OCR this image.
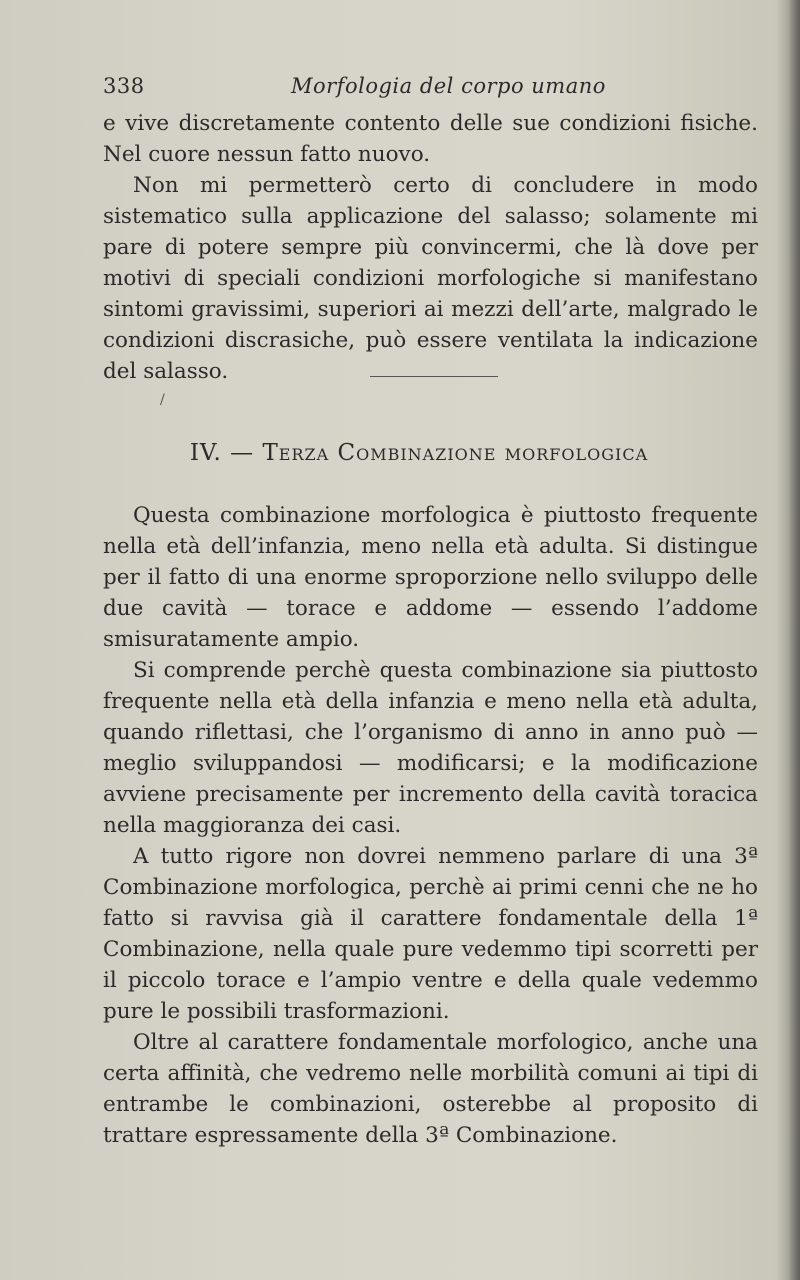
338	Morfologia del corpo umano

e vive discretamente contento delle sue condizioni fisiche. Nel cuore nessun fatto nuovo.

Non mi permetterò certo di concludere in modo sistematico sulla applicazione del salasso; solamente mi pare di potere sempre più convincermi, che là dove per motivi di speciali condizioni morfologiche si manifestano sintomi gravissimi, superiori ai mezzi dell’arte, malgrado le condizioni discrasiche, può essere ventilata la indicazione del salasso.

/
IV. — Terza Combinazione morfologica

Questa combinazione morfologica è piuttosto frequente nella età dell’infanzia, meno nella età adulta. Si distingue per il fatto di una enorme sproporzione nello sviluppo delle due cavità — torace e addome — essendo l’addome smisuratamente ampio.

Si comprende perchè questa combinazione sia piuttosto frequente nella età della infanzia e meno nella età adulta, quando riflettasi, che l’organismo di anno in anno può — meglio sviluppandosi — modificarsi; e la modificazione avviene precisamente per incremento della cavità toracica nella maggioranza dei casi.

A tutto rigore non dovrei nemmeno parlare di una 3ª Combinazione morfologica, perchè ai primi cenni che ne ho fatto si ravvisa già il carattere fondamentale della 1ª Combinazione, nella quale pure vedemmo tipi scorretti per il piccolo torace e l’ampio ventre e della quale vedemmo pure le possibili trasformazioni.

Oltre al carattere fondamentale morfologico, anche una certa affinità, che vedremo nelle morbilità comuni ai tipi di entrambe le combinazioni, osterebbe al proposito di trattare espressamente della 3ª Combinazione.
